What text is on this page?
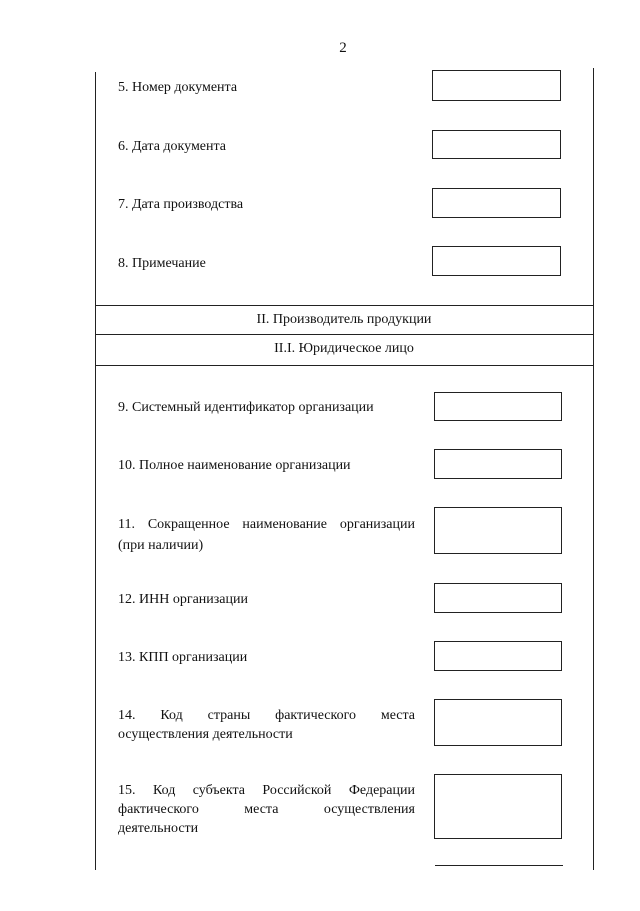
2
5. Номер документа
6. Дата документа
7. Дата производства
8. Примечание
II. Производитель продукции
II.I. Юридическое лицо
9. Системный идентификатор организации
10. Полное наименование организации
11. Сокращенное наименование организации
(при наличии)
12. ИНН организации
13. КПП организации
14. Код страны фактического места
осуществления деятельности
15. Код субъекта Российской Федерации
фактического места осуществления
деятельности
